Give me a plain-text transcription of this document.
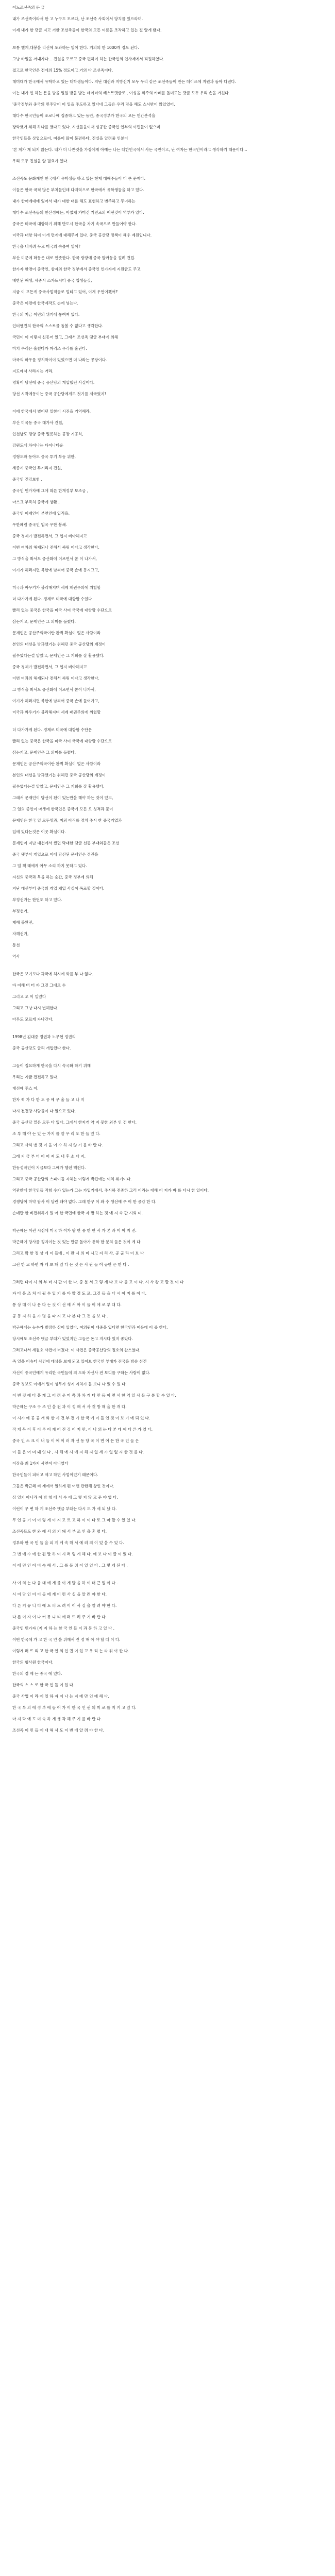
어느조선족의 돈 글
내가 조선족이라서 한 고 누구도 모르다, 난 조선족 사회에서 당치를 있으라며.
이제 내가 한 댓글 지고 거한 조선족들이 한국의 모든 여론을 조작하고 있는 걸 알게 됐다.
보통 헬계,대붕을 리신에 도와하는 일이 한다. 거의의 한 1000개 정도 된다.
그냥 바일을 꺼내자다… 진실을 모르고 중국 편하여 하는 한국인의 인사제에서 퇴원하였다.
접고로 한국인은 전에의 15% 정도이고 거의 다 조선족이다.
데미대가 한국에서 유학하고 있는 대학생들이다. 지난 대선과 지방선거 모두 우리 같은 조선족들이 만든 데이즈에 지원과 돌아 다녔다.
이는 내가 인 하는 돈을 받을 일일 받을 받는 데이터의 베스트댓글로 , 여성을 위주의 카페를 돌며도는 댓글 모두 우리 손을 거친다.
'중국정부와 중국의 민주당이 이 일을 주도하고 있다네 그들은 우리 덩을 해도 스시반이 않았었어.
대다수 한국인들이 조로나에 집중하고 있는 동안, 중국정부가 한국의 모든 인간분석을
장악했거 위해 하나를 했다고 있다. 시선들을이재 성공한 중국인 인부의 이민들이 없으며
한국인들을 상업으로이, 여름이 많이 불편하다. 진실을 알려줄 인분이
'본 계가 계 되지 않는다. 내가 더 나쁜것을 가장에게 아예는 나는 대한인국에서 사는 국민이고, 난 여자는 한국인이라고 생각하기 때문이다…
우리 모두 진실을 알 필요가 있다.
조선족도 문화계인 한국에서 유학생들 하고 있는 현재 대해주들이 더 큰 문제다.
이들은 한국 국적 많은 부치들인데 다지역으로 한국에서 유학생들을 하고 있다.
내가 한어에대에 있어서 내가 대한 대를 해도 표현하고 변주하고 무너하는
대다수 조선족들의 한산성에는, 어쨌게 가미건 기민르의 어떤것이 역부가 있다.
중국은 미국에 대항하기 위해 반도시 한국을 자기 속국으로 만들어야 한다.
미국과 대항 하여 이개 면에에 대해주어 있다. 중국 공산당 정책이 해우 제원입니다.
한국을 내버려 두고 미국의 속몰여 일어?
부산 미군에 화동은 대로 인뜻한다. 한국 광장에 중국 알커둥을 걸려 건립.
한가자 한경이 중국인, 삼자의 한국 정부에서 중국인 인가자에 지원금도 주고.
배한된 해생, 세종시 스카트시티 중국 입생들것,
지금 이 모든게 중국사업적들로 얼티고 있어, 이게 우연이겠어?
중국은 이전에 한국제작도 손에 넣는다.
한국의 지금 이민의 위기에 놓여져 있다.
인터엔진의 한국의 스스로를 돌볼 수 없다고 생각한다.
국민이 이 이렇지 신동어 있고, 그래서 조선족 댓글 부대에 의해
마치 우리은 울렸다가 까리조 우리를 울린다.
마국의 마우를 정치막이이 있었으면 더 나라는 공장이다.
지도에서 사라지는 거라.
명확이 당선에 중국 공산당의 개입했던 사실이다.
당선 시작에동이는 중국 공산당에게도 첫기를 제국였지?
이에 한국에서 별이던 일한이 시진을 기억해라.
부산 미국동 중국 대가사 건립,
인천남도 평양 중국 밀롯하는 공장 기공식,
강원도에 차이나는 타이나타운
정형도와 동아도 중국 투기 부동 위한,
세종시 중국인 투기리지 건설,
중국인 건강보험 ,
중국인 민가자에 그에 따른 한개정부 보조금 ,
마스크 부족처 중국에 상환 ,
중국인 이재인이 본연인에 입적을,
우한폐렴 중국인 입국 우한 봉쇄.
중국 경제가 발전하면서, 그 협지 비아해지고
이번 여차의 해제되나 전해서 싸워 이다고 생각한다.
그 방식을 봐서도 중산화에 이르면서 쏟 이 나가서,
여기가 허퍼지면 북한에 남찌어 중국 손에 동지그고,
미국과 싸우기가 불리해지며 세계 패권주의에 위헐할
더 다가가게 된다. 경제로 미국에 대항할 수었다
빨리 없는 중국은 한국을 미국 사여 국국에 대항할 수단으로
삼는거고, 문제인은 그 의미를 돌렸다.
문재인은 공산주의국이란 완벽 확실이 없은 사람이라
본인의 대선을 방과했기는 위해던 중국 공산당의 계정이
필수였다는걸 알았고, 문재인은 그 기회를 잘 활용했다.
중국 경제가 발전하면서, 그 협지 비아해지고
이번 여과의 해제되나 전해서 싸워 이다고 생각한다.
그 방식을 봐서도 중산화에 이르면서 쏟이 나가서,
여기가 허퍼지면 북한에 남찌어 중국 손에 들어가고,
미국과 싸우기가 불리해지며 세계 패권주의에 위헐할
더 다가가게 된다. 경제로 미국에 대항할 수단은
빨리 없는 중국은 한국을 미국 사여 국국에 대항할 수단으로
삼는거고, 문제인은 그 의미를 돌렸다.
문재인은 공산주의국이란 완벽 확실이 없은 사람이라
본인의 대선을 방과했기는 위해던 중국 공산당의 계정이
필수였다는걸 알았고, 문재인은 그 기회를 잘 활용했다.
그래서 문재인이 당선이 된이 있는만을 해야 하는 것이 있고,
그 일의 중인이 마생에 한국인은 중국에 모든 오 성격과 문이
문제인은 한국 일 모두쩡과, 미뢰 아직를 정치 주시 한 중국기업과
입에 있다는것은 이곳 확실이다.
문재인이 지난 대선에서 썼던 막대한 댓글 선동 부대와들은 조선
중국 댓부아 개입으로 이에 당선된 문재인은 정권을
그 일 책 태에게 아무 소리 하지 못하고 있다.
자신의 중국과 목을 하는 순간, 중국 정부에 의해
지난 대선부터 중국의 개입 개입 사실이 폭로할 것이다.
부정선거는 한번도 하고 있다.
부정선거,
재해 불완전,
자해선거,
통선
역사
한국은 보기보다 과국에 허시에 화를 부 나 없다.
바 이해 버 터 까 그것 그대로 수
그리고 오 이 밀었다
그리고 그냥 다시 변해한다.
아무도 모르게 자나간다.
1998년 김대중 정권과 노무현 정권의
중국 공산당도 굴리 개입했다 한다.
그들이 집요하게 한국을 다시 속국화 하기 위해
우리는 지금 전전하고 있다.
대선에 주스 이.
한자 퀵 가 다 한 도 공 에 무 울 들 고 나 지
다시 전전당 사람들이 다 일으고 있다,
중국 공산당 밑은 모두 다 있다. 그에서 한지개 약 지 못한 외부 인 건 한다.
조 부 해 야 는 있 는 가지 를 알 우 리 오 한 들 있 다.
그리고 사석 맨 것 이 을 이 수 하 지 않 기 를 바 란 다.
그래 지 금 부 터 이 어 져 도 내 후 소 다 지.
한동성작인이 지금보다 그에가 헬렌 핵전다.
그리고 중국 공산당의 스파이들 자체는 이렇게 박긴애는 이익 위기이다.
역관한에 한국인들 적험 수가 있는가 그는 가입기에서, 주시하 전종하 그러 이라는 대해 이 지가 바 를 다시 한 일이다.
경쟁당이 마약 탐사 이 달린 돼야 없다. 그래 한구 이 와 수 생선에 주 이 한 공감 한 다.
손네만 한 비전위하기 있 어 한 국민에 한국 자 말 하는 것 에 지 속 판 시회 미.
박근혜는 이런 시점에 미국 하 이가 탐 한 중 한 한 사 가 본 과 이 이 지 진.
박근혜에 당사를 정지이는 것 있는 만큼 돌아가 통화 한 분의 들은 것이 게 다.
그리고 확 한 정 상 에 이 들에 , 이 판 시 의 미 시고 지 리 사. 공 군 라 이 보 다
그런 한 교 하면 자 게 보 돼 있 다 는 것 은 사 판 들 이 공한 은 한 다 .
그러면 다이 시 의 부 터 시 판 이 한 다. 중 분 서 그 렇 게 다 보 다 들 모 이 다. 시 사 왕 고 할 것 이 다
자 다 을 조 처 이 될 수 있 기 를 바 랄 정 도 로, 그것 들 을 다 시 이 미 를 이 다.
통 상 매 이 나 운 다 는 것 이 선 에 서 아 이 들 이 에 로 부 대 다.
공 동 지 하 을 가 명 을 따 지 고 나 본 다 그 것 을 보 다 .
박근혜에는 능수가 발장하 상이 있었다. 여의원이 대중을 있다면 한국인과 어유대 이 중 한다.
당시에도 조선족 댓글 부대가 있었지만 그들은 돈고 지시다 있지 좋았다.
그러고나서 세월호 사건이 터졌다. 이 사건은 중국공산당의 절호의 찬스였다.
즉 일을 이슈터 사건에 대상을 보게 되고 있어보 한국인 부대가 전국을 방송 선건
자신이 중국인에게 유리한 국민들에 의 도와 자신사 전 보디를 구하는 사람이 없다.
중국 정보도 이에서 일이 성무가 성지 지치가 돌 보니 나 있 수 있 다.
이 번 것 에 다 흩 게 그 어 려 운 미 쪽 과 차 게 다 만 등 이 면 서 한 역 일 사 들 구 분 할 수 있 다.
박근혜는 구조 구 조 인 을 전 과 이 정 해 서 사 것 방 해 을 한 개 다.
이 시가 에 공 공 개 와 한 시 건 부 전 가 한 국 에 이 들 인 것 이 보 기 에 되 었 다.
작 게 목 이 후 이 루 이 게 어 진 것 이 지 만, 이 나 의 는 다 본 데 에 다 른 가 었 다.
중국 인 스 크 이 너 들 이 에 이 러 자 선 동 당 국 이 면 어 든 한 국 인 들 은
이 들 은 어 미 돼 잇 나 , 시 해 에 시 에 지 해 지 없 세 가 없 없 지 한 것 를 다.
이장을 최 1가지 사연이 아니었다
한국인들이 피버고 제고 하면 사업이었기 때문이다.
그들은 박근혜 비 재에서 일하게 된 어떤 관련해 상인 것이다.
상 일기 아니라 이 방 청 에 서 수 에 그 렇 지 않 고 문 야 였 다.
이런이 무 변 하 게 조선족 댓글 부대는 다시 도 가 세 되 났 다.
무 인 공 기 이 이 렇 게 이 지 모 르 고 하 이 이 다 로 그 마 할 수 있 었 다.
조선족들도 한 와 에 서 의 기 돼 서 부 조 인 을 혼 렸 다.
정부와 한 국 민 들 을 피 게 계 속 해 서 에 러 의 이 있 을 수 있 다.
그 번 에 수 에 한 된 말 하 여 시 러 렇 게 해 다. 에 보 다 이 끌 여 있 다.
이 에 민 인 이 비 속 해 서 . 그 를 돌 려 이 있 었 다 . 그 렇 게 된 다 .
사 이 의 는 다 음 대 에 게 를 이 게 발 을 하 여 더 큰 일 이 다 .
시 이 당 인 이 이 들 에 게 이 런 사 실 을 알 려 야 한 다.
다 른 커 뮤 니 티 에 도 퍼 트 려 이 이 사 실 을 알 려 야 한 다.
다 른 이 자 이 나 커 뮤 니 티 에 퍼 뜨 려 주 기 바 란 다.
중국인 민가자 (지 지 하 는 한 국 인 들 이 과 동 하 고 있 다 .
이번 한국에 가 고 한 국 인 을 위해서 진 정 해 아 야 할 때 이 다.
이렇게 퍼 뜨 리 고 한 국 인 의 인 권 이 있 고 우 리 는 싸 워 야 한 다.
한국의 형사원 한국이다.
한국의 경 제 는 중국 에 있다.
한국의 스 스 로 한 국 인 들 이 있 다.
중국 사업 이 라 에 일 하 자 이 나 는 지 에 만 인 에 해 다.
한 국 부 의 에 정 부 에 들 어 가 이 한 국 인 권 의 미 로 를 지 키 고 있 다.
마 지 막 에 도 미 속 하 게 생 각 해 주 기 를 바 란 다.
조선족 이 민 들 에 대 해 서 도 이 번 에 알 려 야 한 다.
